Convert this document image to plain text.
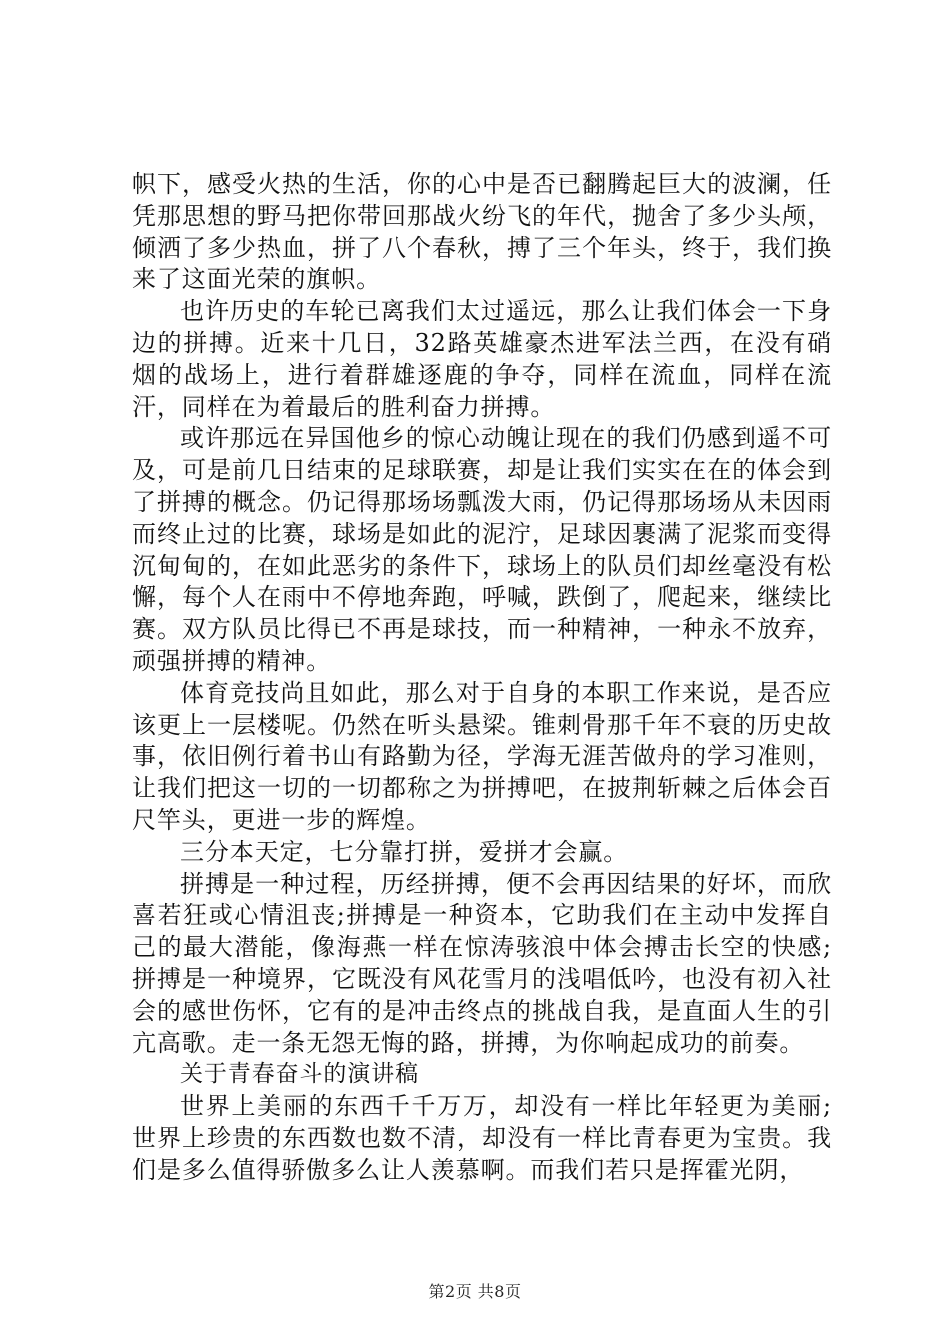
帜下，感受火热的生活，你的心中是否已翻腾起巨大的波澜，任凭那思想的野马把你带回那战火纷飞的年代，抛舍了多少头颅，倾洒了多少热血，拼了八个春秋，搏了三个年头，终于，我们换来了这面光荣的旗帜。

也许历史的车轮已离我们太过遥远，那么让我们体会一下身边的拼搏。近来十几日，32路英雄豪杰进军法兰西，在没有硝烟的战场上，进行着群雄逐鹿的争夺，同样在流血，同样在流汗，同样在为着最后的胜利奋力拼搏。

或许那远在异国他乡的惊心动魄让现在的我们仍感到遥不可及，可是前几日结束的足球联赛，却是让我们实实在在的体会到了拼搏的概念。仍记得那场场瓢泼大雨，仍记得那场场从未因雨而终止过的比赛，球场是如此的泥泞，足球因裹满了泥浆而变得沉甸甸的，在如此恶劣的条件下，球场上的队员们却丝毫没有松懈，每个人在雨中不停地奔跑，呼喊，跌倒了，爬起来，继续比赛。双方队员比得已不再是球技，而一种精神，一种永不放弃，顽强拼搏的精神。

体育竞技尚且如此，那么对于自身的本职工作来说，是否应该更上一层楼呢。仍然在听头悬梁。锥刺骨那千年不衰的历史故事，依旧例行着书山有路勤为径，学海无涯苦做舟的学习准则，让我们把这一切的一切都称之为拼搏吧，在披荆斩棘之后体会百尺竿头，更进一步的辉煌。

三分本天定，七分靠打拼，爱拼才会赢。

拼搏是一种过程，历经拼搏，便不会再因结果的好坏，而欣喜若狂或心情沮丧;拼搏是一种资本，它助我们在主动中发挥自己的最大潜能，像海燕一样在惊涛骇浪中体会搏击长空的快感;拼搏是一种境界，它既没有风花雪月的浅唱低吟，也没有初入社会的感世伤怀，它有的是冲击终点的挑战自我，是直面人生的引亢高歌。走一条无怨无悔的路，拼搏，为你响起成功的前奏。

关于青春奋斗的演讲稿

世界上美丽的东西千千万万，却没有一样比年轻更为美丽;世界上珍贵的东西数也数不清，却没有一样比青春更为宝贵。我们是多么值得骄傲多么让人羡慕啊。而我们若只是挥霍光阴，

第2页 共8页
